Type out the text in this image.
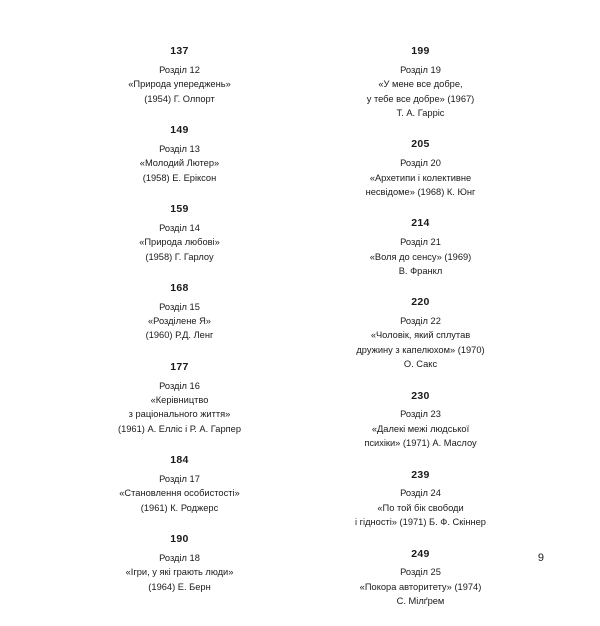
137
Розділ 12
«Природа упереджень»
(1954) Г. Олпорт
149
Розділ 13
«Молодий Лютер»
(1958) Е. Еріксон
159
Розділ 14
«Природа любові»
(1958) Г. Гарлоу
168
Розділ 15
«Розділене Я»
(1960) Р.Д. Ленг
177
Розділ 16
«Керівництво
з раціонального життя»
(1961) А. Елліс і Р. А. Гарпер
184
Розділ 17
«Становлення особистості»
(1961) К. Роджерс
190
Розділ 18
«Ігри, у які грають люди»
(1964) Е. Берн
199
Розділ 19
«У мене все добре,
у тебе все добре» (1967)
Т. А. Гарріс
205
Розділ 20
«Архетипи і колективне
несвідоме» (1968) К. Юнг
214
Розділ 21
«Воля до сенсу» (1969)
В. Франкл
220
Розділ 22
«Чоловік, який сплутав
дружину з капелюхом» (1970)
О. Сакс
230
Розділ 23
«Далекі межі людської
психіки» (1971) А. Маслоу
239
Розділ 24
«По той бік свободи
і гідності» (1971) Б. Ф. Скіннер
249
Розділ 25
«Покора авторитету» (1974)
С. Мілґрем
9
